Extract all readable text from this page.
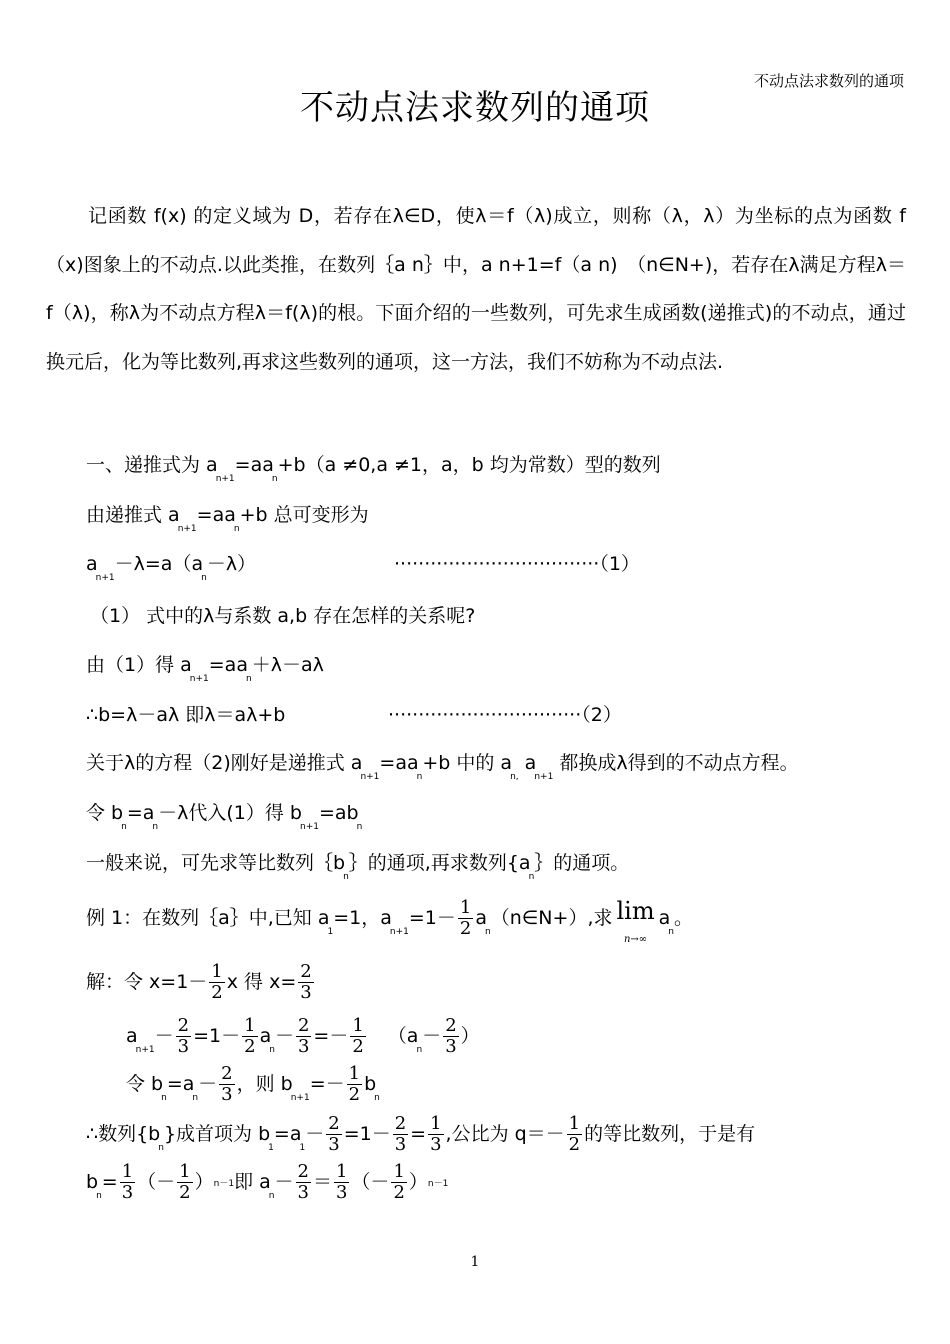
不动点法求数列的通项
不动点法求数列的通项
记函数 f(x) 的定义域为 D，若存在λ∈D，使λ＝f（λ)成立，则称（λ，λ）为坐标的点为函数 f（x)图象上的不动点.以此类推，在数列｛a n｝中，a n+1=f（a n)　（n∈N+)，若存在λ满足方程λ＝f（λ)，称λ为不动点方程λ＝f(λ)的根。下面介绍的一些数列，可先求生成函数(递推式)的不动点，通过换元后，化为等比数列,再求这些数列的通项，这一方法，我们不妨称为不动点法.
一、递推式为 $a_{n+1}=aa_n+b(a \ne 0,a \ne 1$，a，b 均为常数）型的数列
由递推式 $a_{n+1}=aa_n+b$ 总可变形为
$a_{n+1}-\lambda=a(a_n-\lambda)$	··································（1）
（1） 式中的λ与系数 a,b 存在怎样的关系呢?
由（1）得 $a_{n+1}=aa_n+\lambda-a\lambda$
∴b=λ－aλ 即λ＝aλ+b	································（2）
关于λ的方程（2)刚好是递推式 $a_{n+1}=aa_n+b$ 中的 $a_{n,}$ $a_{n+1}$ 都换成λ得到的不动点方程。
令 $b_n=a_n-\lambda$代入(1）得 $b_{n+1}=ab_n$
一般来说，可先求等比数列$\{b_n\}$的通项,再求数列{$a_n\}$的通项。
例 1：在数列｛a｝中,已知 $a_1=1$，$a_{n+1}=1- \frac{1}{2}$ $a_n(n\in N+)$,求 lim
n→∞
$a_n$。
解：令 $x=1- \frac{1}{2}$ x 得 $x= \frac{2}{3}$
$a_{n+1}- \frac{2}{3} =1- \frac{1}{2} a_n- \frac{2}{3} =- \frac{1}{2} (a_n- \frac{2}{3}$ ）
令 $b_n=a_n- \frac{2}{3}$ ，则 $b_{n+1}=- \frac{1}{2} b_n$
∴数列$\{b_n\}$成首项为 $b_1=a_1- \frac{2}{3} =1- \frac{2}{3} = \frac{1}{3}$ ,公比为 $q=- \frac{1}{2}$ 的等比数列，于是有
$b_n= \frac{1}{3}$ （－ $\frac{1}{2} )^{n-1}$即 $a_n- \frac{2}{3} = \frac{1}{3}$ （－ $\frac{1}{2} )^{n-1}$
1
